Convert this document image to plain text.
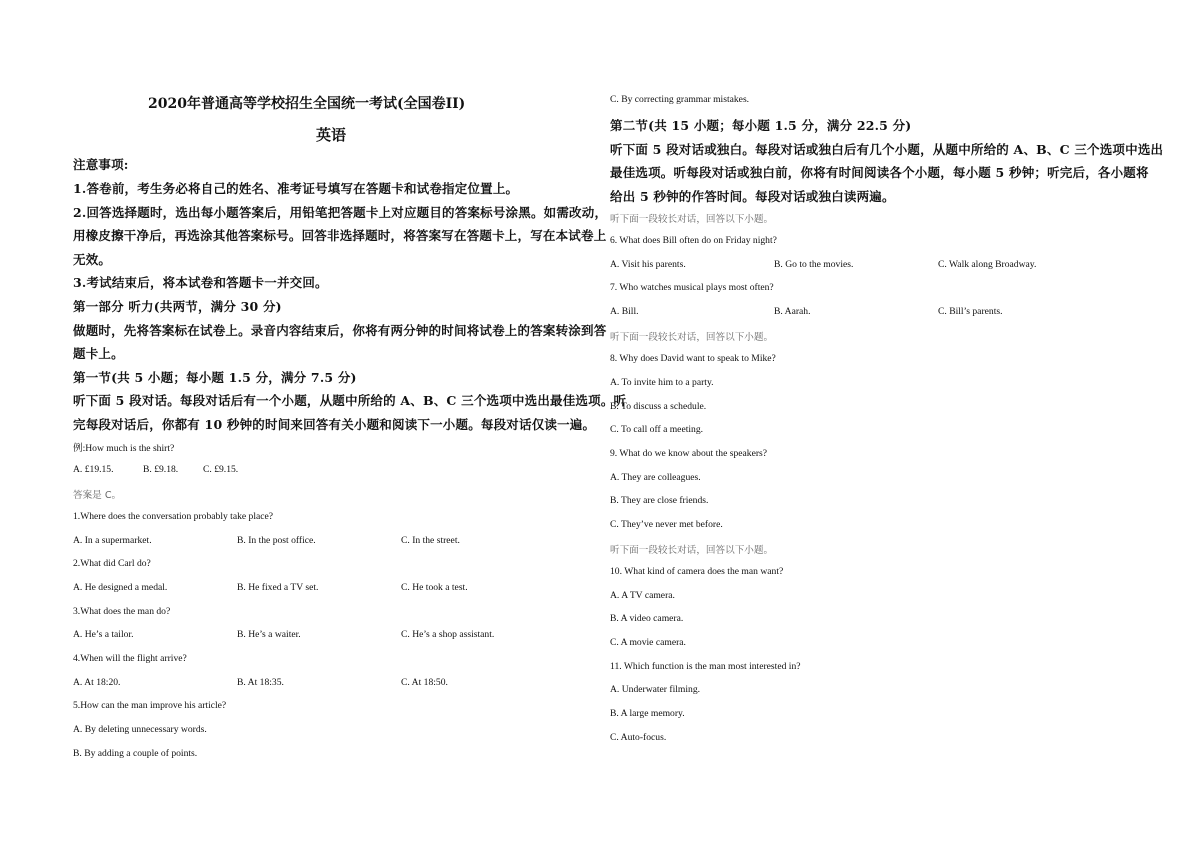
2020年普通高等学校招生全国统一考试(全国卷II)
英语
注意事项:
1.答卷前，考生务必将自己的姓名、准考证号填写在答题卡和试卷指定位置上。
2.回答选择题时，选出每小题答案后，用铅笔把答题卡上对应题目的答案标号涂黑。如需改动，
用橡皮擦干净后，再选涂其他答案标号。回答非选择题时，将答案写在答题卡上，写在本试卷上
无效。
3.考试结束后，将本试卷和答题卡一并交回。
第一部分 听力(共两节，满分 30 分)
做题时，先将答案标在试卷上。录音内容结束后，你将有两分钟的时间将试卷上的答案转涂到答
题卡上。
第一节(共 5 小题；每小题 1.5 分，满分 7.5 分)
听下面 5 段对话。每段对话后有一个小题，从题中所给的 A、B、C 三个选项中选出最佳选项。听
完每段对话后，你都有 10 秒钟的时间来回答有关小题和阅读下一小题。每段对话仅读一遍。
例:How much is the shirt?
A. £19.15.	B. £9.18.	C. £9.15.
答案是 C。
1.Where does the conversation probably take place?
A. In a supermarket.	B. In the post office.	C. In the street.
2.What did Carl do?
A. He designed a medal.	B. He fixed a TV set.	C. He took a test.
3.What does the man do?
A. He’s a tailor.	B. He’s a waiter.	C. He’s a shop assistant.
4.When will the flight arrive?
A. At 18:20.	B. At 18:35.	C. At 18:50.
5.How can the man improve his article?
A. By deleting unnecessary words.
B. By adding a couple of points.
C. By correcting grammar mistakes.
第二节(共 15 小题；每小题 1.5 分，满分 22.5 分)
听下面 5 段对话或独白。每段对话或独白后有几个小题，从题中所给的 A、B、C 三个选项中选出
最佳选项。听每段对话或独白前，你将有时间阅读各个小题，每小题 5 秒钟；听完后，各小题将
给出 5 秒钟的作答时间。每段对话或独白读两遍。
听下面一段较长对话，回答以下小题。
6. What does Bill often do on Friday night?
A. Visit his parents.	B. Go to the movies.	C. Walk along Broadway.
7. Who watches musical plays most often?
A. Bill.	B. Aarah.	C. Bill’s parents.
听下面一段较长对话，回答以下小题。
8. Why does David want to speak to Mike?
A. To invite him to a party.
B. To discuss a schedule.
C. To call off a meeting.
9. What do we know about the speakers?
A. They are colleagues.
B. They are close friends.
C. They’ve never met before.
听下面一段较长对话，回答以下小题。
10. What kind of camera does the man want?
A. A TV camera.
B. A video camera.
C. A movie camera.
11. Which function is the man most interested in?
A. Underwater filming.
B. A large memory.
C. Auto-focus.
